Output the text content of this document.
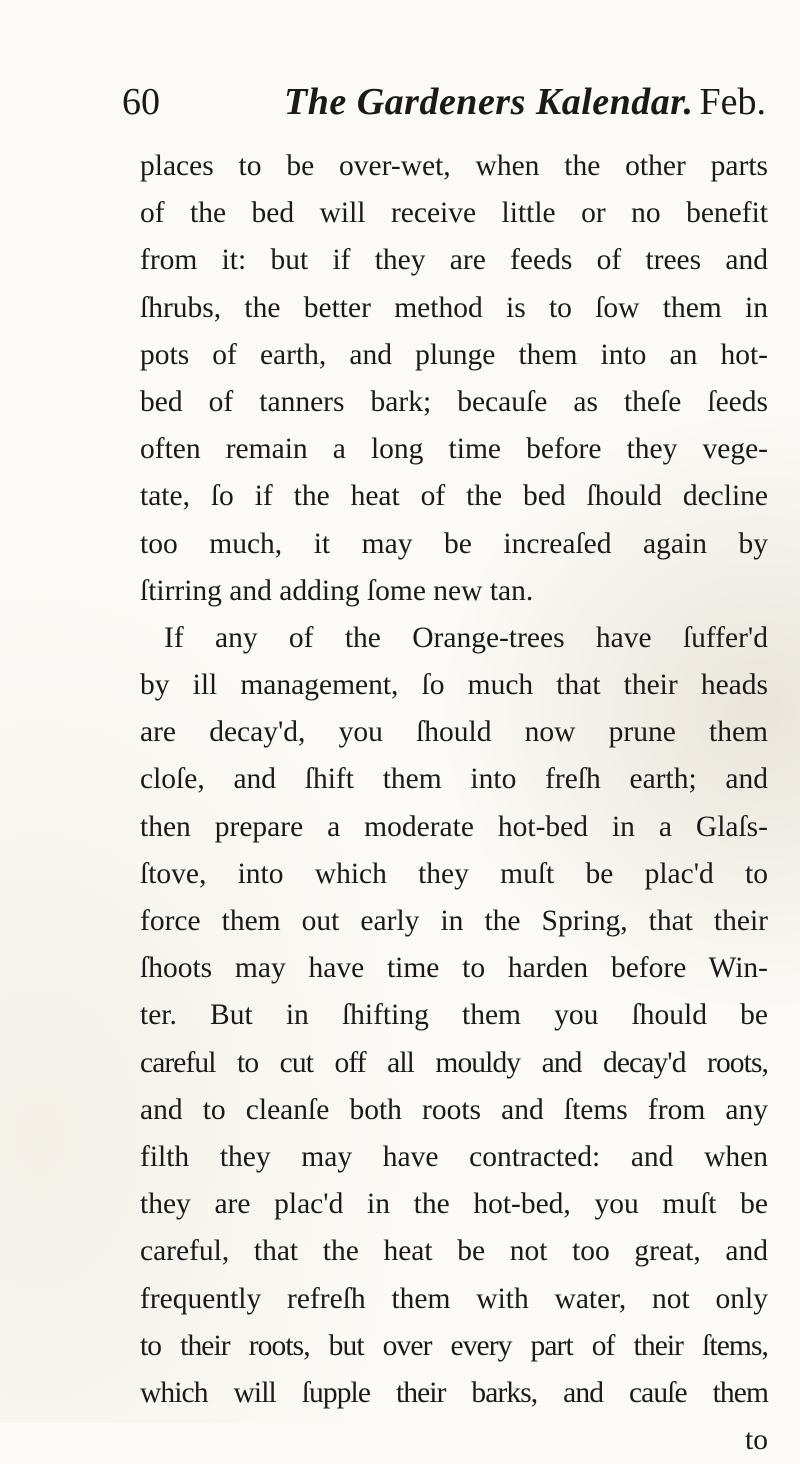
60	The Gardeners Kalendar. Feb.
places to be over-wet, when the other parts
of the bed will receive little or no benefit
from it: but if they are feeds of trees and
ſhrubs, the better method is to ſow them in
pots of earth, and plunge them into an hot-
bed of tanners bark; becauſe as theſe ſeeds
often remain a long time before they vege-
tate, ſo if the heat of the bed ſhould decline
too much, it may be increaſed again by
ſtirring and adding ſome new tan.
If any of the Orange-trees have ſuffer'd
by ill management, ſo much that their heads
are decay'd, you ſhould now prune them
cloſe, and ſhift them into freſh earth; and
then prepare a moderate hot-bed in a Glaſs-
ſtove, into which they muſt be plac'd to
force them out early in the Spring, that their
ſhoots may have time to harden before Win-
ter. But in ſhifting them you ſhould be
careful to cut off all mouldy and decay'd roots,
and to cleanſe both roots and ſtems from any
filth they may have contracted: and when
they are plac'd in the hot-bed, you muſt be
careful, that the heat be not too great, and
frequently refreſh them with water, not only
to their roots, but over every part of their ſtems,
which will ſupple their barks, and cauſe them
to
